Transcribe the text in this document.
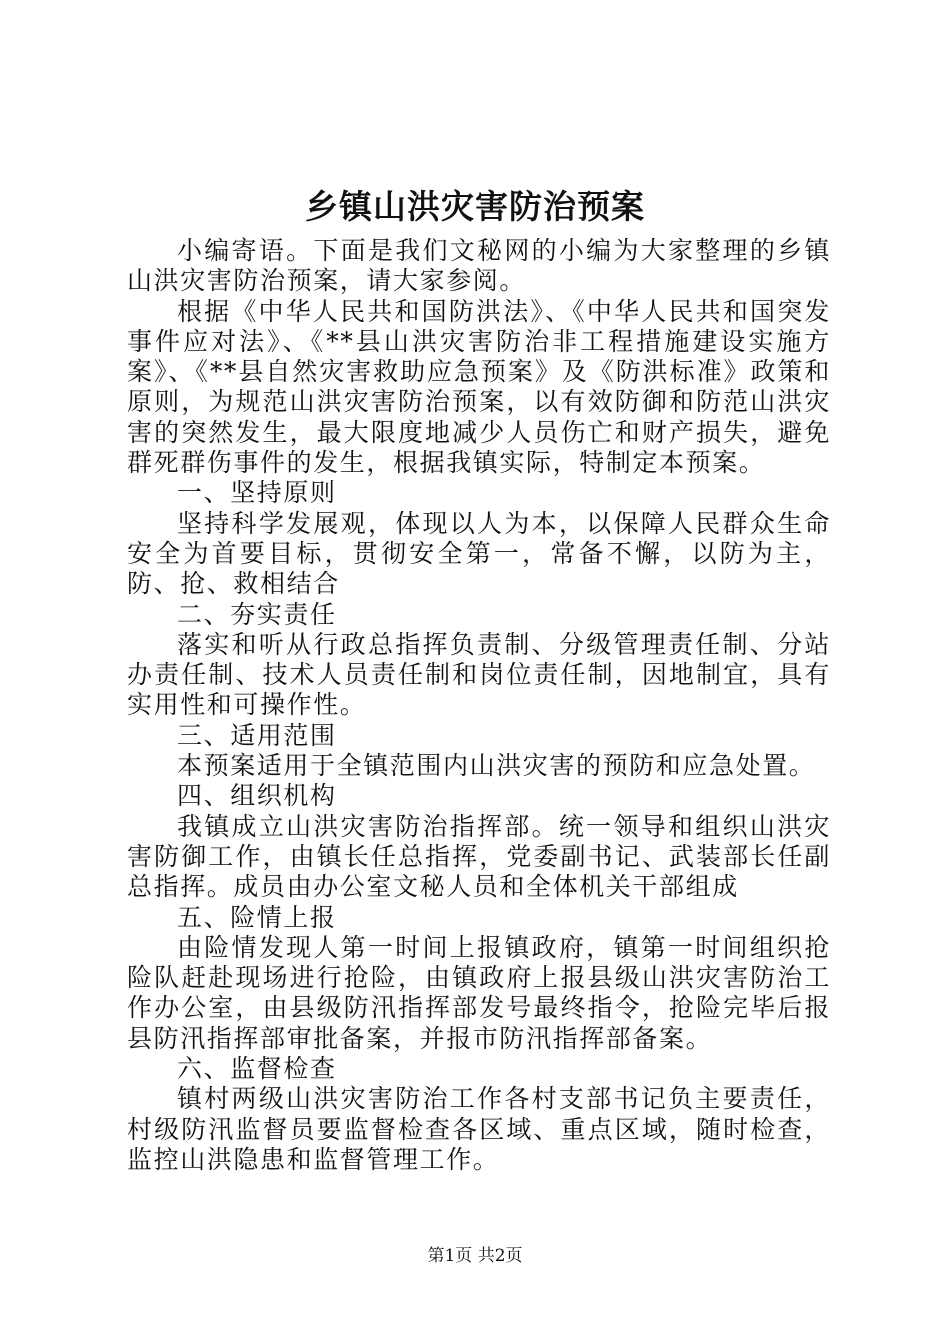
乡镇山洪灾害防治预案

小编寄语。下面是我们文秘网的小编为大家整理的乡镇山洪灾害防治预案，请大家参阅。

根据《中华人民共和国防洪法》、《中华人民共和国突发事件应对法》、《**县山洪灾害防治非工程措施建设实施方案》、《**县自然灾害救助应急预案》及《防洪标准》政策和原则，为规范山洪灾害防治预案，以有效防御和防范山洪灾害的突然发生，最大限度地减少人员伤亡和财产损失，避免群死群伤事件的发生，根据我镇实际，特制定本预案。

一、坚持原则

坚持科学发展观，体现以人为本，以保障人民群众生命安全为首要目标，贯彻安全第一，常备不懈，以防为主，防、抢、救相结合

二、夯实责任

落实和听从行政总指挥负责制、分级管理责任制、分站办责任制、技术人员责任制和岗位责任制，因地制宜，具有实用性和可操作性。

三、适用范围

本预案适用于全镇范围内山洪灾害的预防和应急处置。

四、组织机构

我镇成立山洪灾害防治指挥部。统一领导和组织山洪灾害防御工作，由镇长任总指挥，党委副书记、武装部长任副总指挥。成员由办公室文秘人员和全体机关干部组成

五、险情上报

由险情发现人第一时间上报镇政府，镇第一时间组织抢险队赶赴现场进行抢险，由镇政府上报县级山洪灾害防治工作办公室，由县级防汛指挥部发号最终指令，抢险完毕后报县防汛指挥部审批备案，并报市防汛指挥部备案。

六、监督检查

镇村两级山洪灾害防治工作各村支部书记负主要责任，村级防汛监督员要监督检查各区域、重点区域，随时检查，监控山洪隐患和监督管理工作。

第1页 共2页
